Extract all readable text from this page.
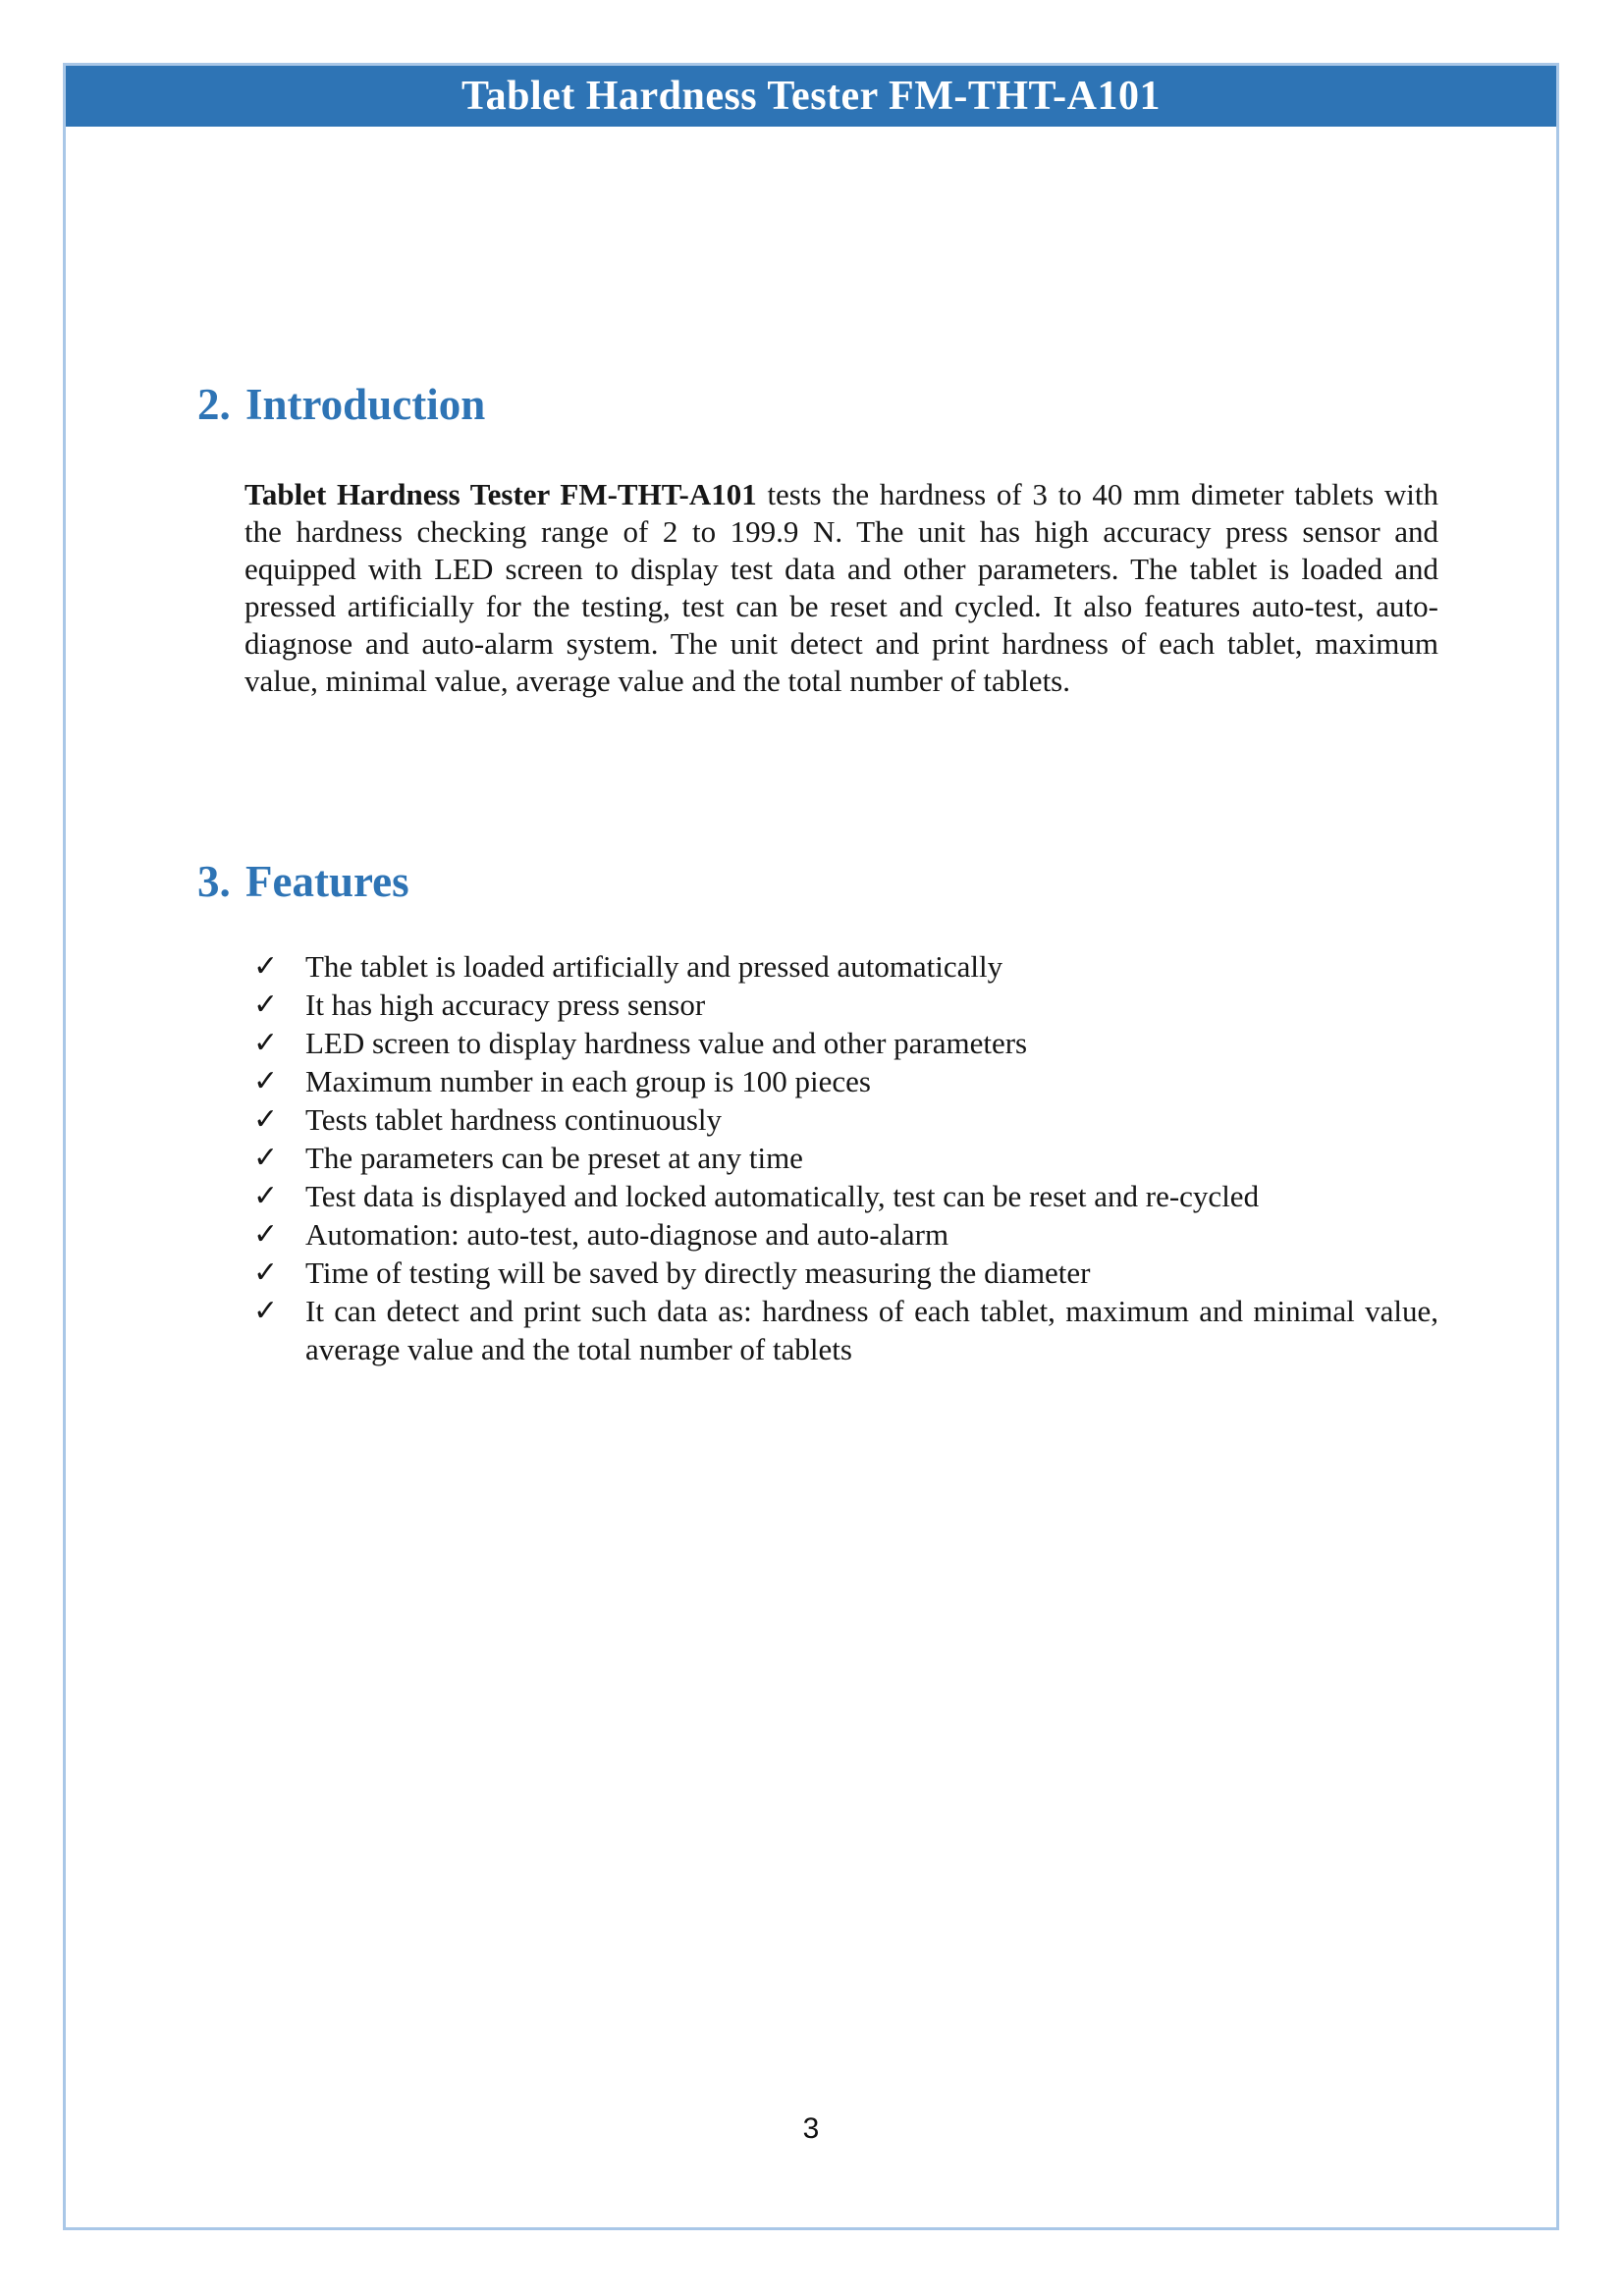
Tablet Hardness Tester FM-THT-A101
2. Introduction

Tablet Hardness Tester FM-THT-A101 tests the hardness of 3 to 40 mm dimeter tablets with the hardness checking range of 2 to 199.9 N. The unit has high accuracy press sensor and equipped with LED screen to display test data and other parameters. The tablet is loaded and pressed artificially for the testing, test can be reset and cycled. It also features auto-test, auto-diagnose and auto-alarm system. The unit detect and print hardness of each tablet, maximum value, minimal value, average value and the total number of tablets.

3. Features
✓ The tablet is loaded artificially and pressed automatically
✓ It has high accuracy press sensor
✓ LED screen to display hardness value and other parameters
✓ Maximum number in each group is 100 pieces
✓ Tests tablet hardness continuously
✓ The parameters can be preset at any time
✓ Test data is displayed and locked automatically, test can be reset and re-cycled
✓ Automation: auto-test, auto-diagnose and auto-alarm
✓ Time of testing will be saved by directly measuring the diameter
✓ It can detect and print such data as: hardness of each tablet, maximum and minimal value, average value and the total number of tablets
3
